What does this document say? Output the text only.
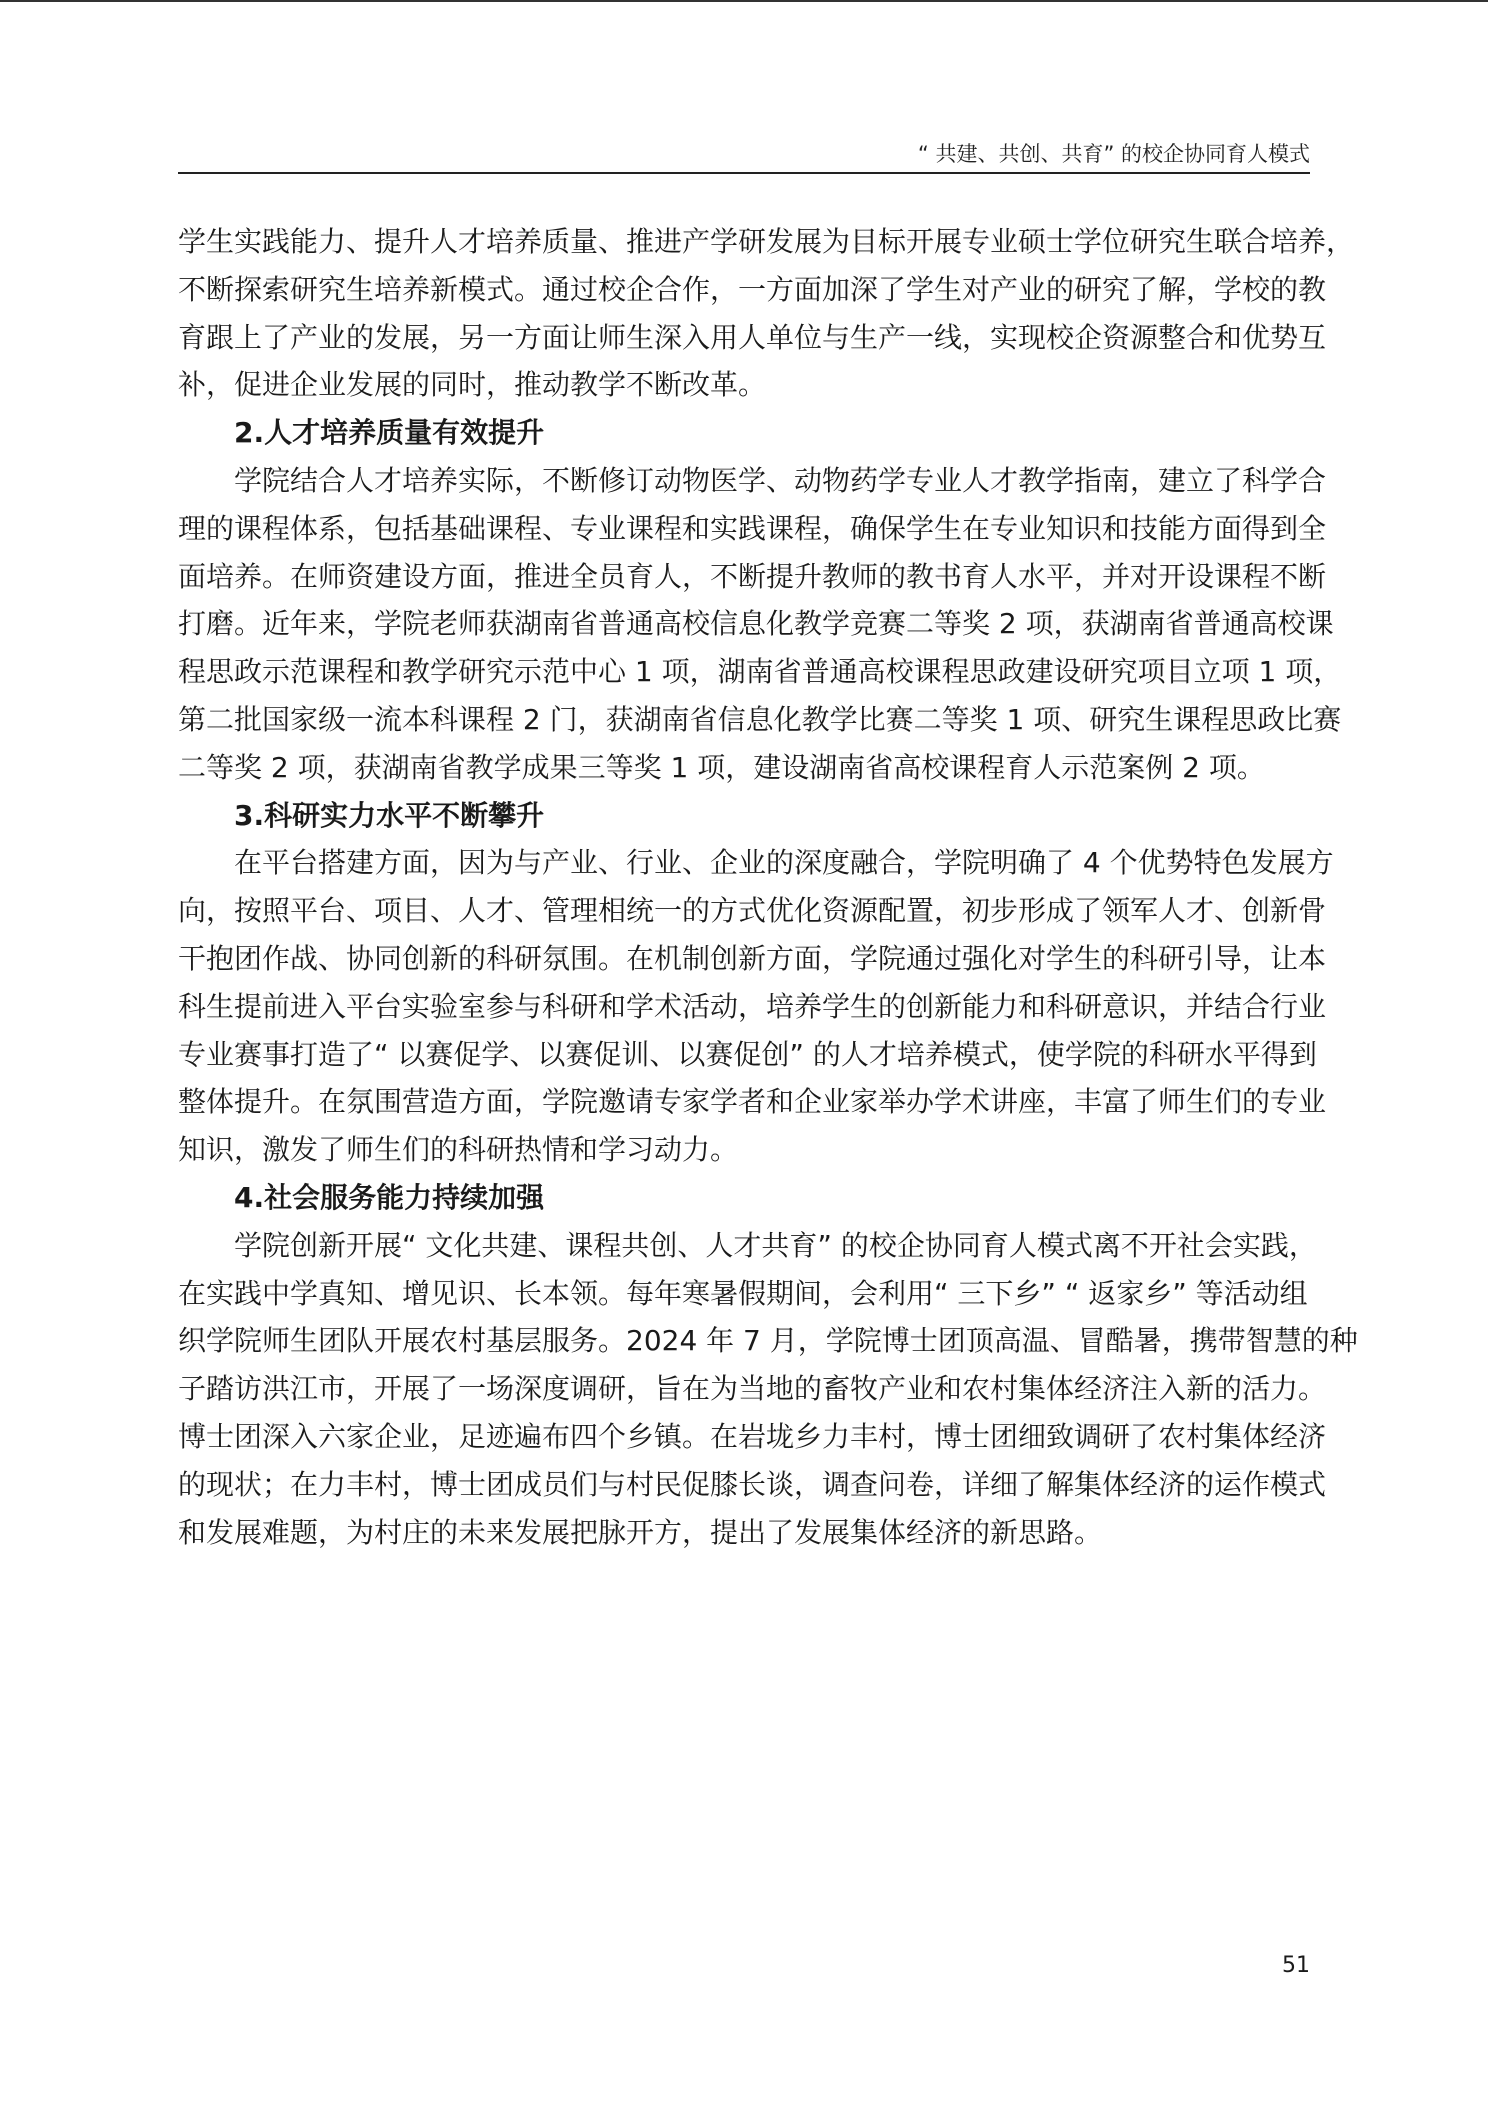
“ 共建、共创、共育” 的校企协同育人模式
学生实践能力、提升人才培养质量、推进产学研发展为目标开展专业硕士学位研究生联合培养，
不断探索研究生培养新模式。通过校企合作，一方面加深了学生对产业的研究了解，学校的教
育跟上了产业的发展，另一方面让师生深入用人单位与生产一线，实现校企资源整合和优势互
补，促进企业发展的同时，推动教学不断改革。
2.人才培养质量有效提升
学院结合人才培养实际，不断修订动物医学、动物药学专业人才教学指南，建立了科学合
理的课程体系，包括基础课程、专业课程和实践课程，确保学生在专业知识和技能方面得到全
面培养。在师资建设方面，推进全员育人，不断提升教师的教书育人水平，并对开设课程不断
打磨。近年来，学院老师获湖南省普通高校信息化教学竞赛二等奖 2 项，获湖南省普通高校课
程思政示范课程和教学研究示范中心 1 项，湖南省普通高校课程思政建设研究项目立项 1 项，
第二批国家级一流本科课程 2 门，获湖南省信息化教学比赛二等奖 1 项、研究生课程思政比赛
二等奖 2 项，获湖南省教学成果三等奖 1 项，建设湖南省高校课程育人示范案例 2 项。
3.科研实力水平不断攀升
在平台搭建方面，因为与产业、行业、企业的深度融合，学院明确了 4 个优势特色发展方
向，按照平台、项目、人才、管理相统一的方式优化资源配置，初步形成了领军人才、创新骨
干抱团作战、协同创新的科研氛围。在机制创新方面，学院通过强化对学生的科研引导，让本
科生提前进入平台实验室参与科研和学术活动，培养学生的创新能力和科研意识，并结合行业
专业赛事打造了“ 以赛促学、以赛促训、以赛促创” 的人才培养模式，使学院的科研水平得到
整体提升。在氛围营造方面，学院邀请专家学者和企业家举办学术讲座，丰富了师生们的专业
知识，激发了师生们的科研热情和学习动力。
4.社会服务能力持续加强
学院创新开展“ 文化共建、课程共创、人才共育” 的校企协同育人模式离不开社会实践，
在实践中学真知、增见识、长本领。每年寒暑假期间，会利用“ 三下乡” “ 返家乡” 等活动组
织学院师生团队开展农村基层服务。2024 年 7 月，学院博士团顶高温、冒酷暑，携带智慧的种
子踏访洪江市，开展了一场深度调研，旨在为当地的畜牧产业和农村集体经济注入新的活力。
博士团深入六家企业，足迹遍布四个乡镇。在岩垅乡力丰村，博士团细致调研了农村集体经济
的现状；在力丰村，博士团成员们与村民促膝长谈，调查问卷，详细了解集体经济的运作模式
和发展难题，为村庄的未来发展把脉开方，提出了发展集体经济的新思路。
51
